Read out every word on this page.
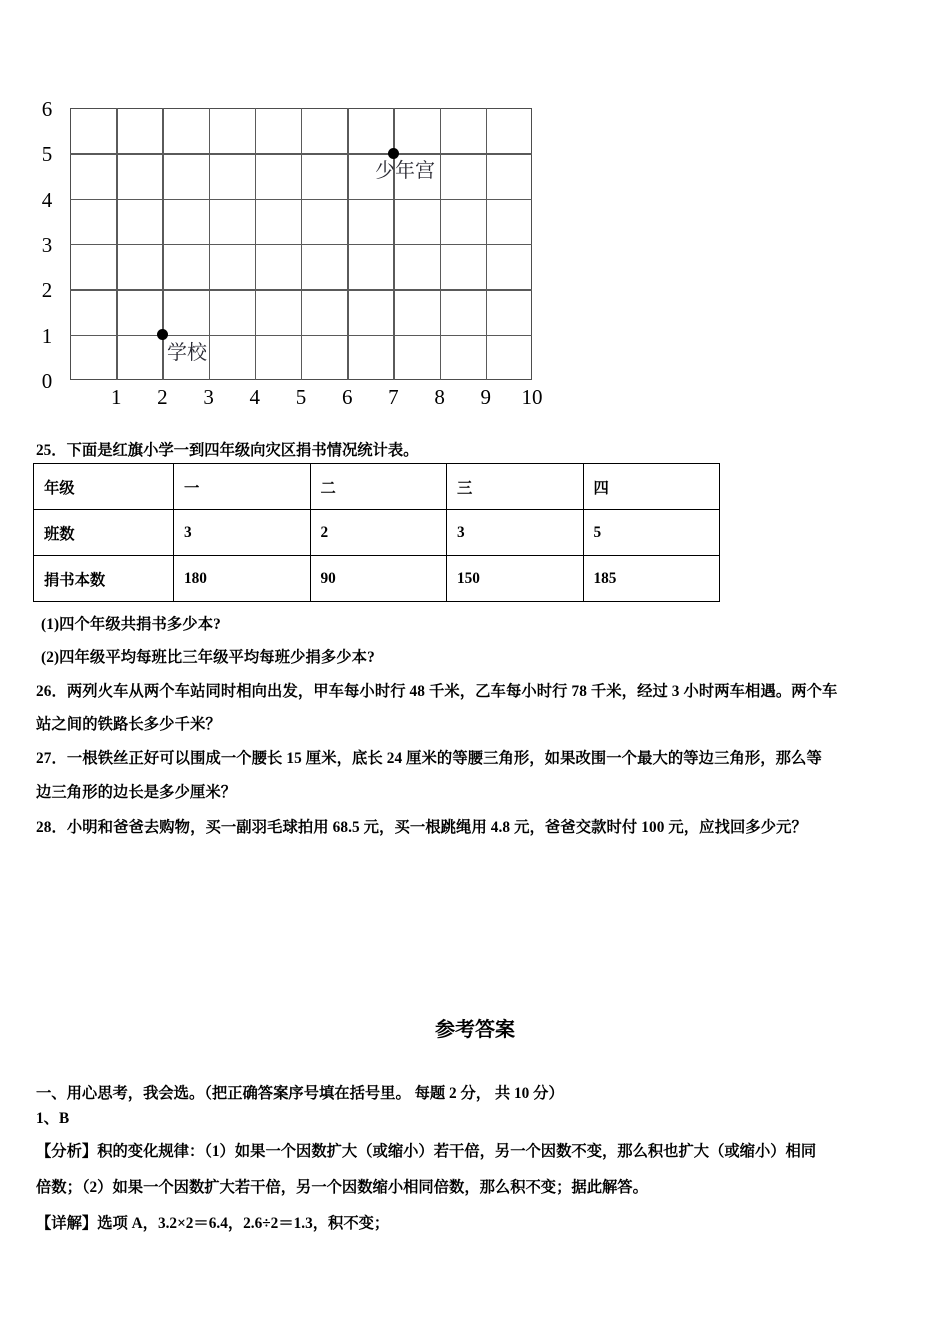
少年宫
学校
6
5
4
3
2
1
0
1	2	3	4	5	6	7	8	9	10
25．下面是红旗小学一到四年级向灾区捐书情况统计表。
年级	一	二	三	四
班数	3	2	3	5
捐书本数	180	90	150	185
(1)四个年级共捐书多少本?
(2)四年级平均每班比三年级平均每班少捐多少本?
26．两列火车从两个车站同时相向出发，甲车每小时行 48 千米，乙车每小时行 78 千米，经过 3 小时两车相遇。两个车
站之间的铁路长多少千米？
27．一根铁丝正好可以围成一个腰长 15 厘米，底长 24 厘米的等腰三角形，如果改围一个最大的等边三角形，那么等
边三角形的边长是多少厘米？
28．小明和爸爸去购物，买一副羽毛球拍用 68.5 元，买一根跳绳用 4.8 元，爸爸交款时付 100 元，应找回多少元？
参考答案
一、用心思考，我会选。（把正确答案序号填在括号里。 每题 2 分， 共 10 分）
1、B
【分析】积的变化规律：（1）如果一个因数扩大（或缩小）若干倍，另一个因数不变，那么积也扩大（或缩小）相同
倍数；（2）如果一个因数扩大若干倍，另一个因数缩小相同倍数，那么积不变；据此解答。
【详解】选项 A，3.2×2＝6.4，2.6÷2＝1.3，积不变；
